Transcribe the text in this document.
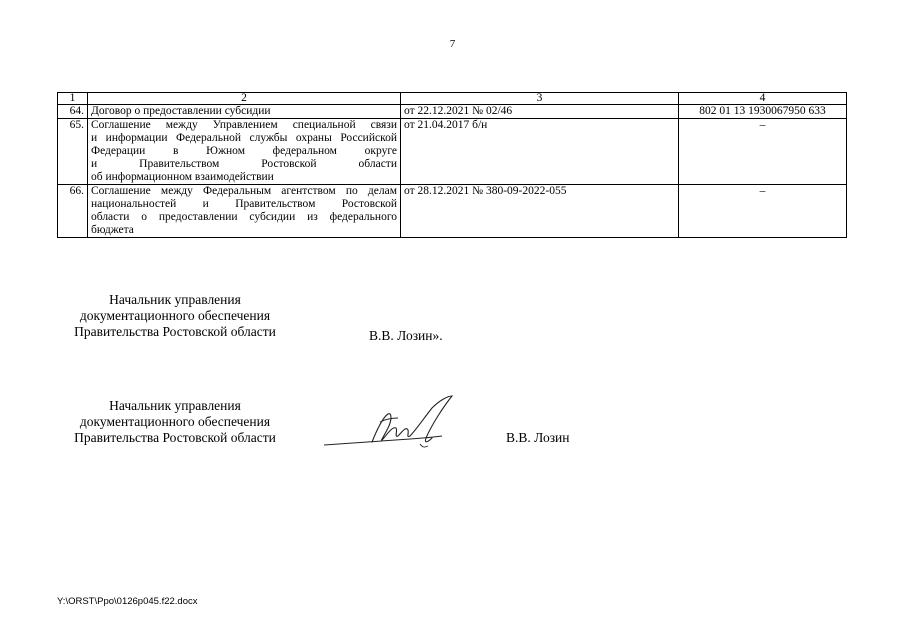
7
1	2	3	4
64.	Договор о предоставлении субсидии	от 22.12.2021 № 02/46	802 01 13 1930067950 633
65.	Соглашение между Управлением специальной связи
и информации Федеральной службы охраны Российской
Федерации в Южном федеральном округе
и Правительством Ростовской области
об информационном взаимодействии	от 21.04.2017 б/н	–
66.	Соглашение между Федеральным агентством по делам
национальностей и Правительством Ростовской
области о предоставлении субсидии из федерального
бюджета	от 28.12.2021 № 380-09-2022-055	–
Начальник управления
документационного обеспечения
Правительства Ростовской области	В.В. Лозин».
Начальник управления
документационного обеспечения
Правительства Ростовской области	В.В. Лозин
Y:\ORST\Ppo\0126p045.f22.docx
